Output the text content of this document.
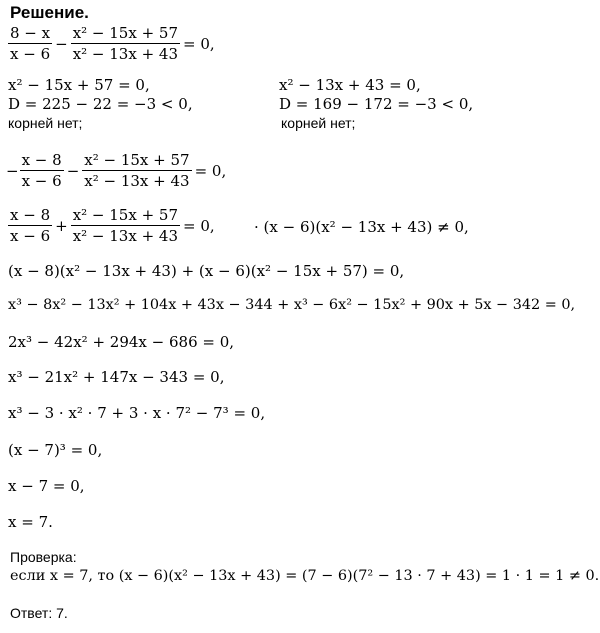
Решение.
$\frac{8 - x}{x - 6} - \frac{\text{x² − 15x + 57}}{\text{x² − 13x + 43}} = 0$,
x² − 15x + 57 = 0,
D = 225 − 22 = −3 < 0,
корней нет;
x² − 13x + 43 = 0,
D = 169 − 172 = −3 < 0,
корней нет;
− $\frac{x - 8}{x - 6} - \frac{\text{x² − 15x + 57}}{\text{x² − 13x + 43}} = 0$,
$\frac{x - 8}{x - 6} + \frac{\text{x² − 15x + 57}}{\text{x² − 13x + 43}} = 0$,	· (x − 6)(x² − 13x + 43) ≠ 0,
(x − 8)(x² − 13x + 43) + (x − 6)(x² − 15x + 57) = 0,
x³ − 8x² − 13x² + 104x + 43x − 344 + x³ − 6x² − 15x² + 90x + 5x − 342 = 0,
2x³ − 42x² + 294x − 686 = 0,
x³ − 21x² + 147x − 343 = 0,
x³ − 3 · x² · 7 + 3 · x · 7² − 7³ = 0,
(x − 7)³ = 0,
x − 7 = 0,
x = 7.
Проверка:
если x = 7, то (x − 6)(x² − 13x + 43) = (7 − 6)(7² − 13 · 7 + 43) = 1 · 1 = 1 ≠ 0.
Ответ: 7.
